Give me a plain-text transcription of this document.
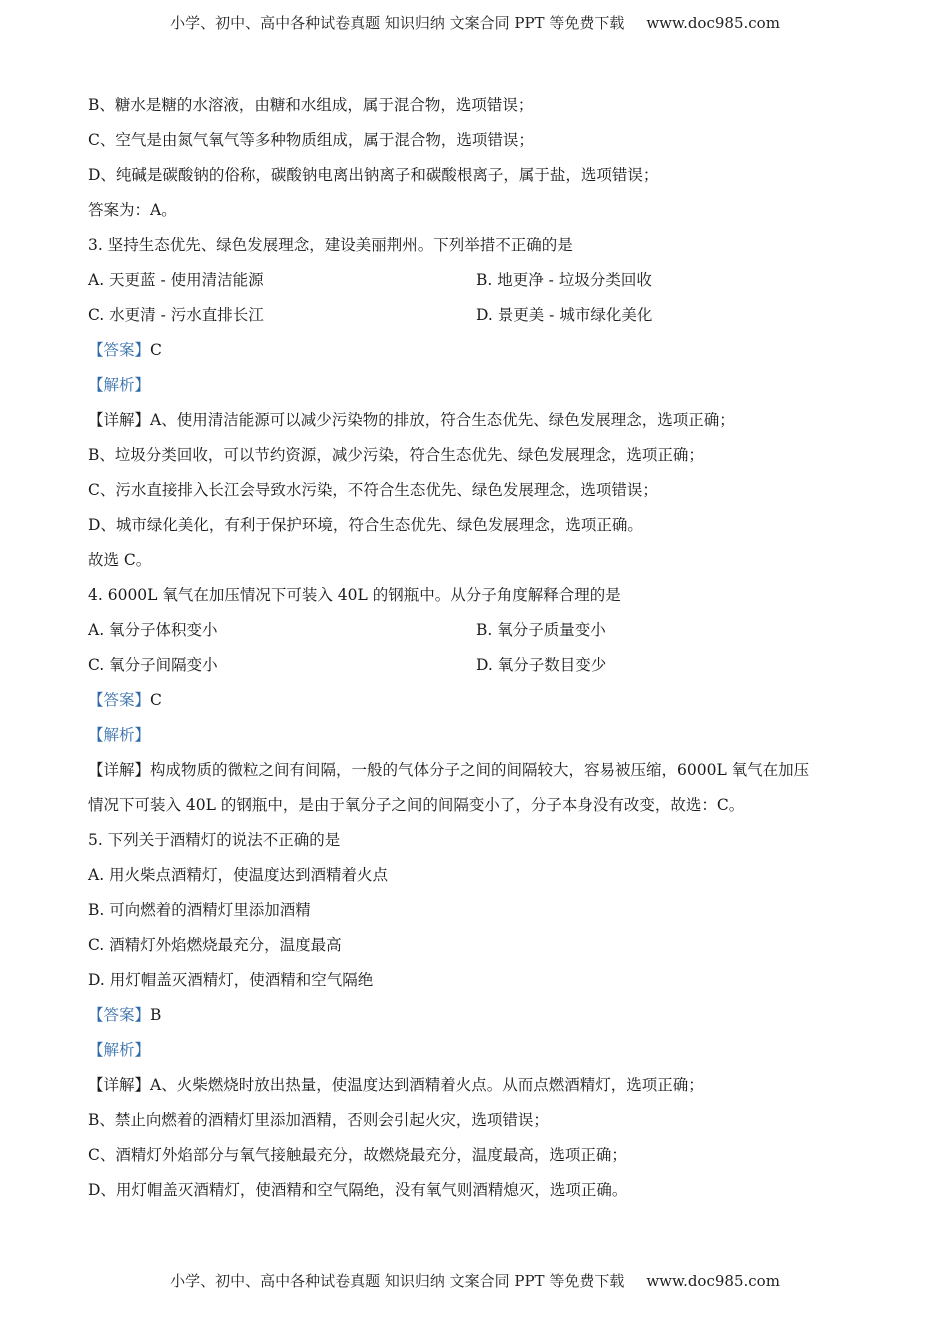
小学、初中、高中各种试卷真题 知识归纳 文案合同 PPT 等免费下载 www.doc985.com
B、糖水是糖的水溶液，由糖和水组成，属于混合物，选项错误；
C、空气是由氮气氧气等多种物质组成，属于混合物，选项错误；
D、纯碱是碳酸钠的俗称，碳酸钠电离出钠离子和碳酸根离子，属于盐，选项错误；
答案为：A。
3. 坚持生态优先、绿色发展理念，建设美丽荆州。下列举措不正确的是
A. 天更蓝 - 使用清洁能源	B. 地更净 - 垃圾分类回收
C. 水更清 - 污水直排长江	D. 景更美 - 城市绿化美化
【答案】C
【解析】
【详解】A、使用清洁能源可以减少污染物的排放，符合生态优先、绿色发展理念，选项正确；
B、垃圾分类回收，可以节约资源，减少污染，符合生态优先、绿色发展理念，选项正确；
C、污水直接排入长江会导致水污染，不符合生态优先、绿色发展理念，选项错误；
D、城市绿化美化，有利于保护环境，符合生态优先、绿色发展理念，选项正确。
故选 C。
4. 6000L 氧气在加压情况下可装入 40L 的钢瓶中。从分子角度解释合理的是
A. 氧分子体积变小	B. 氧分子质量变小
C. 氧分子间隔变小	D. 氧分子数目变少
【答案】C
【解析】
【详解】构成物质的微粒之间有间隔，一般的气体分子之间的间隔较大，容易被压缩，6000L 氧气在加压
情况下可装入 40L 的钢瓶中，是由于氧分子之间的间隔变小了，分子本身没有改变，故选：C。
5. 下列关于酒精灯的说法不正确的是
A. 用火柴点酒精灯，使温度达到酒精着火点
B. 可向燃着的酒精灯里添加酒精
C. 酒精灯外焰燃烧最充分，温度最高
D. 用灯帽盖灭酒精灯，使酒精和空气隔绝
【答案】B
【解析】
【详解】A、火柴燃烧时放出热量，使温度达到酒精着火点。从而点燃酒精灯，选项正确；
B、禁止向燃着的酒精灯里添加酒精，否则会引起火灾，选项错误；
C、酒精灯外焰部分与氧气接触最充分，故燃烧最充分，温度最高，选项正确；
D、用灯帽盖灭酒精灯，使酒精和空气隔绝，没有氧气则酒精熄灭，选项正确。
小学、初中、高中各种试卷真题 知识归纳 文案合同 PPT 等免费下载 www.doc985.com
